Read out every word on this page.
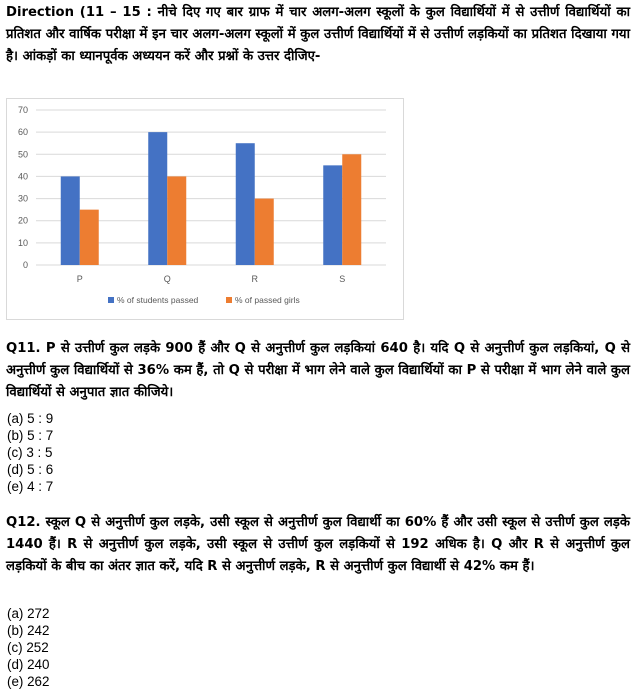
Direction (11 – 15 : नीचे दिए गए बार ग्राफ में चार अलग-अलग स्कूलों के कुल विद्यार्थियों में से उत्तीर्ण विद्यार्थियों का प्रतिशत और वार्षिक परीक्षा में इन चार अलग-अलग स्कूलों में कुल उत्तीर्ण विद्यार्थियों में से उत्तीर्ण लड़कियों का प्रतिशत दिखाया गया है। आंकड़ों का ध्यानपूर्वक अध्ययन करें और प्रश्नों के उत्तर दीजिए-
0
10
20
30
40
50
60
70
P	Q	R	S
% of students passed	% of passed girls
Q11. P से उत्तीर्ण कुल लड़के 900 हैं और Q से अनुत्तीर्ण कुल लड़कियां 640 है। यदि Q से अनुत्तीर्ण कुल लड़कियां, Q से अनुत्तीर्ण कुल विद्यार्थियों से 36% कम हैं, तो Q से परीक्षा में भाग लेने वाले कुल विद्यार्थियों का P से परीक्षा में भाग लेने वाले कुल विद्यार्थियों से अनुपात ज्ञात कीजिये।
(a) 5 : 9
(b) 5 : 7
(c) 3 : 5
(d) 5 : 6
(e) 4 : 7
Q12. स्कूल Q से अनुत्तीर्ण कुल लड़के, उसी स्कूल से अनुत्तीर्ण कुल विद्यार्थी का 60% हैं और उसी स्कूल से उत्तीर्ण कुल लड़के 1440 हैं। R से अनुत्तीर्ण कुल लड़के, उसी स्कूल से उत्तीर्ण कुल लड़कियों से 192 अधिक है। Q और R से अनुत्तीर्ण कुल लड़कियों के बीच का अंतर ज्ञात करें, यदि R से अनुत्तीर्ण लड़के, R से अनुत्तीर्ण कुल विद्यार्थी से 42% कम हैं।
(a) 272
(b) 242
(c) 252
(d) 240
(e) 262
